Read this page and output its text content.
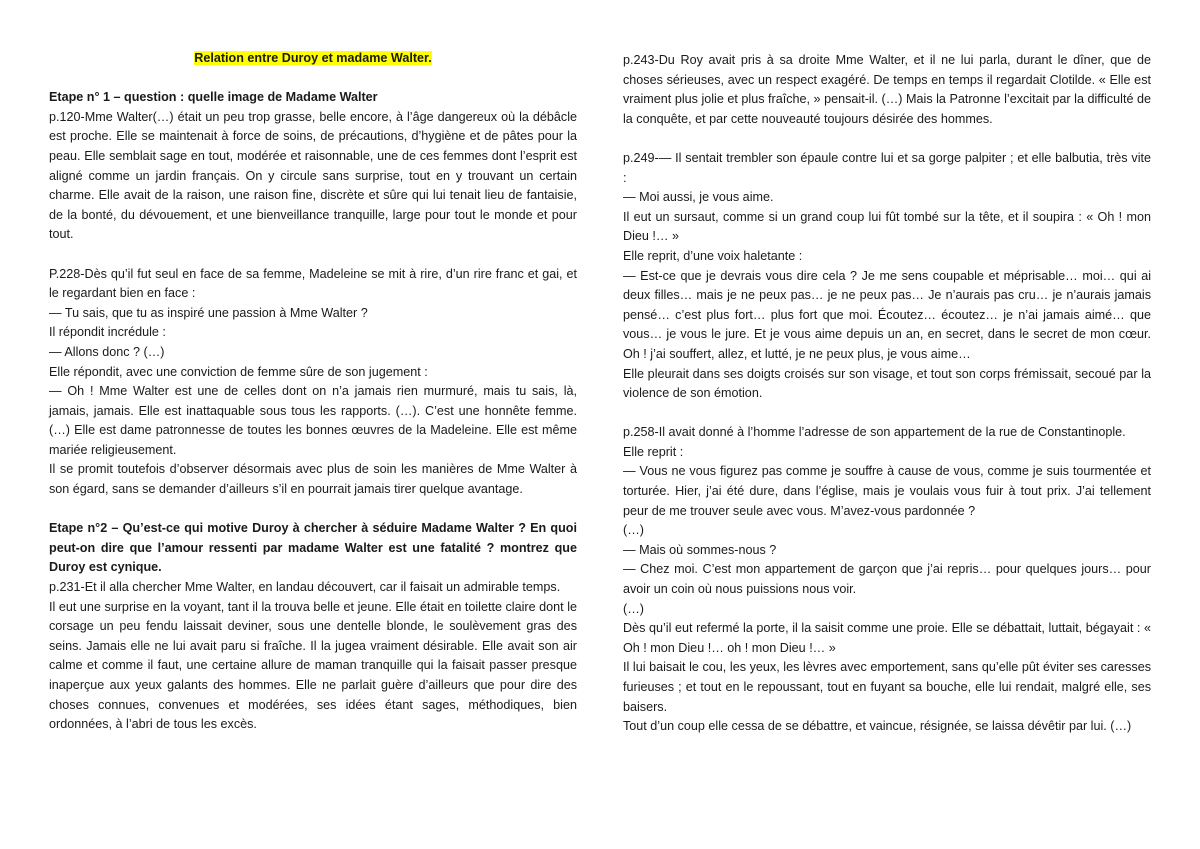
Relation entre Duroy et madame Walter.

Etape n° 1 – question : quelle image de Madame Walter

p.120-Mme Walter(…) était un peu trop grasse, belle encore, à l’âge dangereux où la débâcle est proche. Elle se maintenait à force de soins, de précautions, d’hygiène et de pâtes pour la peau. Elle semblait sage en tout, modérée et raisonnable, une de ces femmes dont l’esprit est aligné comme un jardin français. On y circule sans surprise, tout en y trouvant un certain charme. Elle avait de la raison, une raison fine, discrète et sûre qui lui tenait lieu de fantaisie, de la bonté, du dévouement, et une bienveillance tranquille, large pour tout le monde et pour tout.

P.228-Dès qu’il fut seul en face de sa femme, Madeleine se mit à rire, d’un rire franc et gai, et le regardant bien en face :

— Tu sais, que tu as inspiré une passion à Mme Walter ?

Il répondit incrédule :

— Allons donc ? (…)

Elle répondit, avec une conviction de femme sûre de son jugement :

— Oh ! Mme Walter est une de celles dont on n’a jamais rien murmuré, mais tu sais, là, jamais, jamais. Elle est inattaquable sous tous les rapports. (…). C’est une honnête femme. (…) Elle est dame patronnesse de toutes les bonnes œuvres de la Madeleine. Elle est même mariée religieusement.

Il se promit toutefois d’observer désormais avec plus de soin les manières de Mme Walter à son égard, sans se demander d’ailleurs s’il en pourrait jamais tirer quelque avantage.

Etape n°2 – Qu’est-ce qui motive Duroy à chercher à séduire Madame Walter ? En quoi peut-on dire que l’amour ressenti par madame Walter est une fatalité ? montrez que Duroy est cynique.

p.231-Et il alla chercher Mme Walter, en landau découvert, car il faisait un admirable temps.

Il eut une surprise en la voyant, tant il la trouva belle et jeune. Elle était en toilette claire dont le corsage un peu fendu laissait deviner, sous une dentelle blonde, le soulèvement gras des seins. Jamais elle ne lui avait paru si fraîche. Il la jugea vraiment désirable. Elle avait son air calme et comme il faut, une certaine allure de maman tranquille qui la faisait passer presque inaperçue aux yeux galants des hommes. Elle ne parlait guère d’ailleurs que pour dire des choses connues, convenues et modérées, ses idées étant sages, méthodiques, bien ordonnées, à l’abri de tous les excès.

p.243-Du Roy avait pris à sa droite Mme Walter, et il ne lui parla, durant le dîner, que de choses sérieuses, avec un respect exagéré. De temps en temps il regardait Clotilde. « Elle est vraiment plus jolie et plus fraîche, » pensait-il. (…) Mais la Patronne l’excitait par la difficulté de la conquête, et par cette nouveauté toujours désirée des hommes.

p.249-— Il sentait trembler son épaule contre lui et sa gorge palpiter ; et elle balbutia, très vite :

— Moi aussi, je vous aime.

Il eut un sursaut, comme si un grand coup lui fût tombé sur la tête, et il soupira : « Oh ! mon Dieu !… »

Elle reprit, d’une voix haletante :

— Est-ce que je devrais vous dire cela ? Je me sens coupable et méprisable… moi… qui ai deux filles… mais je ne peux pas… je ne peux pas… Je n’aurais pas cru… je n’aurais jamais pensé… c’est plus fort… plus fort que moi. Écoutez… écoutez… je n’ai jamais aimé… que vous… je vous le jure. Et je vous aime depuis un an, en secret, dans le secret de mon cœur. Oh ! j’ai souffert, allez, et lutté, je ne peux plus, je vous aime…

Elle pleurait dans ses doigts croisés sur son visage, et tout son corps frémissait, secoué par la violence de son émotion.

p.258-Il avait donné à l’homme l’adresse de son appartement de la rue de Constantinople.

Elle reprit :

— Vous ne vous figurez pas comme je souffre à cause de vous, comme je suis tourmentée et torturée. Hier, j’ai été dure, dans l’église, mais je voulais vous fuir à tout prix. J’ai tellement peur de me trouver seule avec vous. M’avez-vous pardonnée ?

(…)

— Mais où sommes-nous ?

— Chez moi. C’est mon appartement de garçon que j’ai repris… pour quelques jours… pour avoir un coin où nous puissions nous voir.

(…)

Dès qu’il eut refermé la porte, il la saisit comme une proie. Elle se débattait, luttait, bégayait : « Oh ! mon Dieu !… oh ! mon Dieu !… »

Il lui baisait le cou, les yeux, les lèvres avec emportement, sans qu’elle pût éviter ses caresses furieuses ; et tout en le repoussant, tout en fuyant sa bouche, elle lui rendait, malgré elle, ses baisers.

Tout d’un coup elle cessa de se débattre, et vaincue, résignée, se laissa dévêtir par lui. (…)
